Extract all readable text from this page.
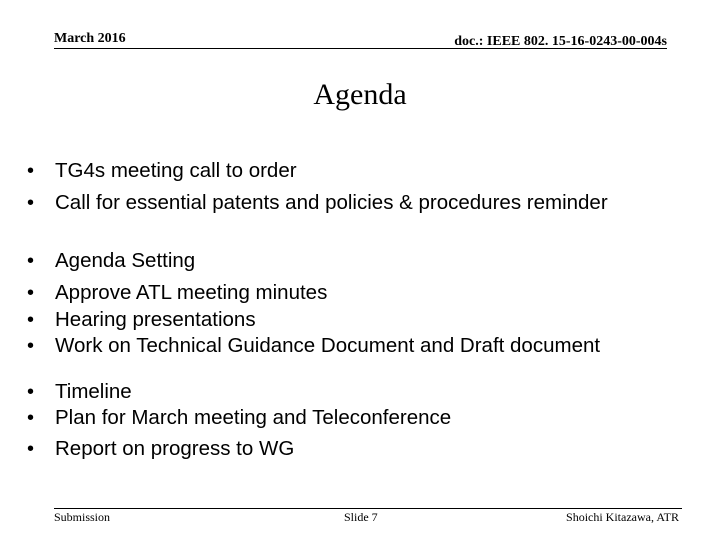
March 2016	doc.: IEEE 802. 15-16-0243-00-004s
Agenda
• TG4s meeting call to order
• Call for essential patents and policies & procedures reminder
• Agenda Setting
• Approve ATL meeting minutes
• Hearing presentations
• Work on Technical Guidance Document and Draft document
• Timeline
• Plan for March meeting and Teleconference
• Report on progress to WG
Submission	Slide 7	Shoichi Kitazawa, ATR
